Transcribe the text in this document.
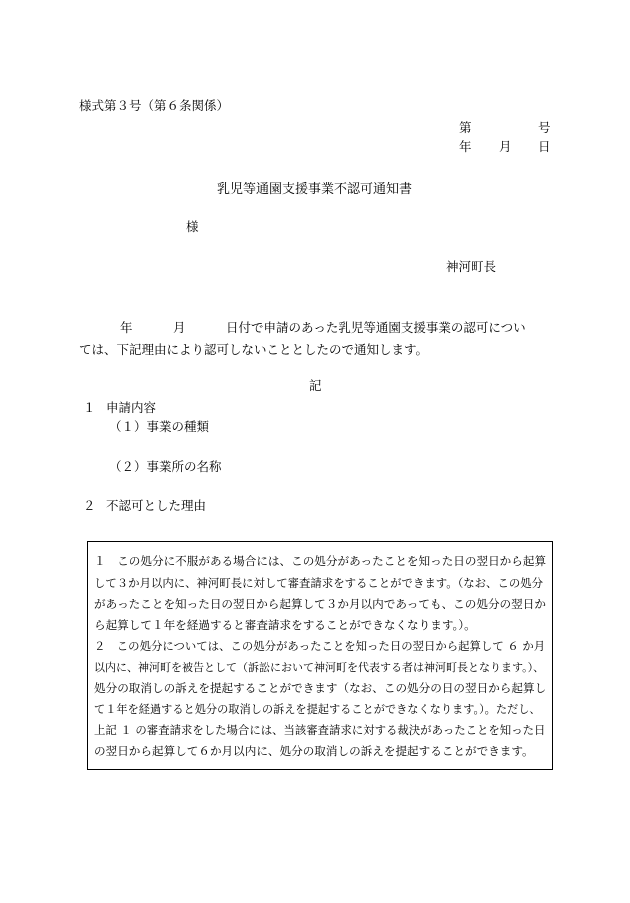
様式第３号（第６条関係）
第	号
年 月 日
乳児等通園支援事業不認可通知書
様
神河町長
年	月	日付で申請のあった乳児等通園支援事業の認可につい
ては、下記理由により認可しないこととしたので通知します。
記
１ 申請内容
（１）事業の種類
（２）事業所の名称
２ 不認可とした理由
１　この処分に不服がある場合には、この処分があったことを知った日の翌日から起算
して３か月以内に、神河町長に対して審査請求をすることができます。（なお、この処分
があったことを知った日の翌日から起算して３か月以内であっても、この処分の翌日か
ら起算して１年を経過すると審査請求をすることができなくなります。）。
２　この処分については、この処分があったことを知った日の翌日から起算して ６ か月
以内に、神河町を被告として（訴訟において神河町を代表する者は神河町長となります。）、
処分の取消しの訴えを提起することができます（なお、この処分の日の翌日から起算し
て１年を経過すると処分の取消しの訴えを提起することができなくなります。）。ただし、
上記 １ の審査請求をした場合には、当該審査請求に対する裁決があったことを知った日
の翌日から起算して６か月以内に、処分の取消しの訴えを提起することができます。
